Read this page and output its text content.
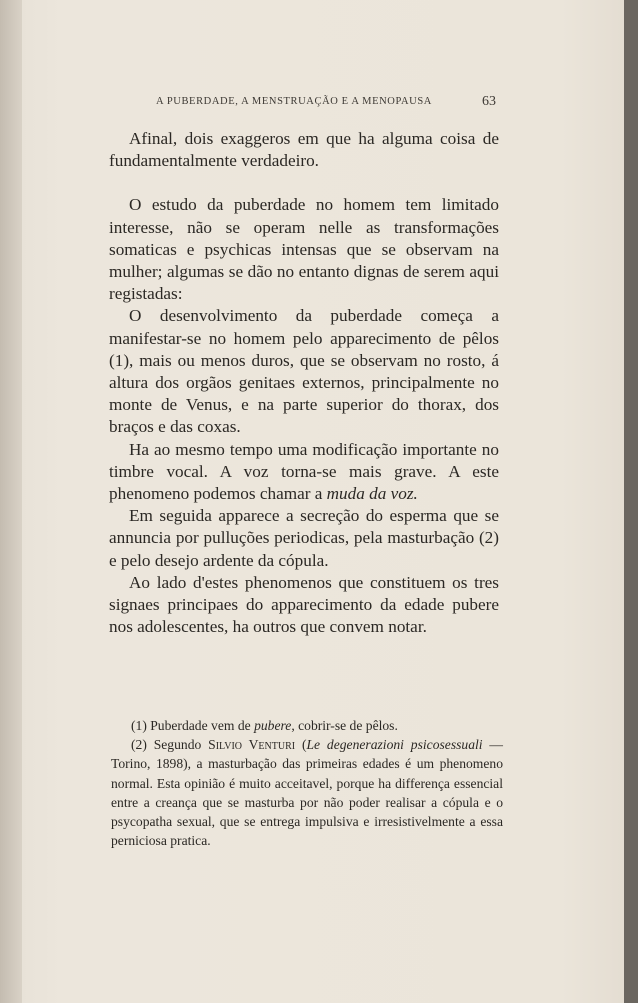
A PUBERDADE, A MENSTRUAÇÃO E A MENOPAUSA	63

Afinal, dois exaggeros em que ha alguma coisa de fundamentalmente verdadeiro.

O estudo da puberdade no homem tem limitado interesse, não se operam nelle as transformações somaticas e psychicas intensas que se observam na mulher; algumas se dão no entanto dignas de serem aqui registadas:

O desenvolvimento da puberdade começa a manifestar-se no homem pelo apparecimento de pêlos (1), mais ou menos duros, que se observam no rosto, á altura dos orgãos genitaes externos, principalmente no monte de Venus, e na parte superior do thorax, dos braços e das coxas.

Ha ao mesmo tempo uma modificação importante no timbre vocal. A voz torna-se mais grave. A este phenomeno podemos chamar a muda da voz.

Em seguida apparece a secreção do esperma que se annuncia por pulluções periodicas, pela masturbação (2) e pelo desejo ardente da cópula.

Ao lado d'estes phenomenos que constituem os tres signaes principaes do apparecimento da edade pubere nos adolescentes, ha outros que convem notar.

(1) Puberdade vem de pubere, cobrir-se de pêlos.

(2) Segundo Silvio Venturi (Le degenerazioni psicosessuali — Torino, 1898), a masturbação das primeiras edades é um phenomeno normal. Esta opinião é muito acceitavel, porque ha differença essencial entre a creança que se masturba por não poder realisar a cópula e o psycopatha sexual, que se entrega impulsiva e irresistivelmente a essa perniciosa pratica.
